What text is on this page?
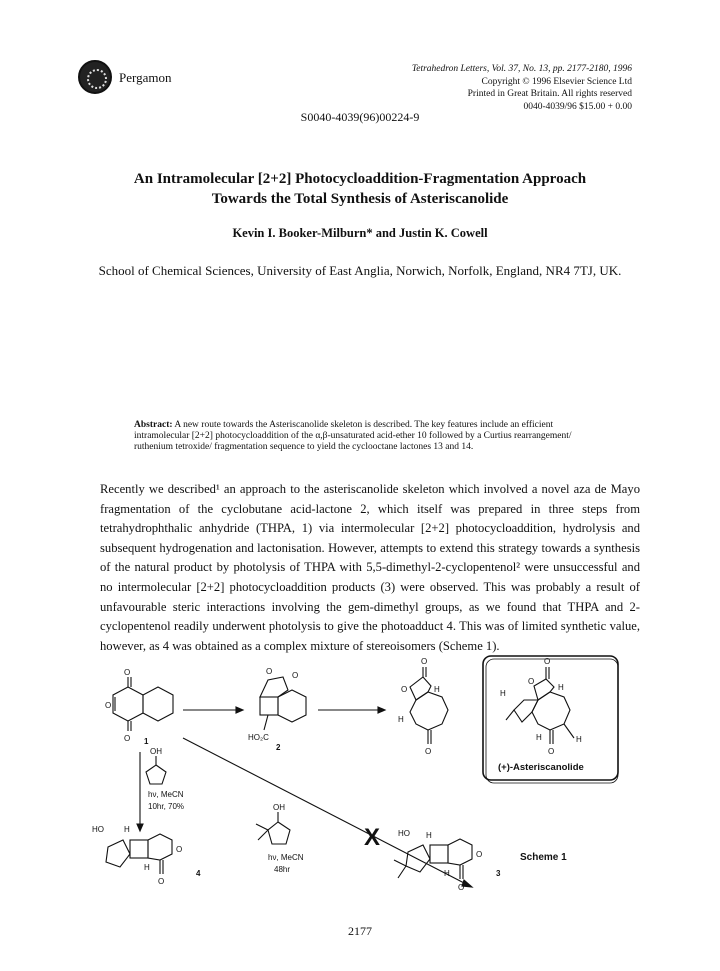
Pergamon
Tetrahedron Letters, Vol. 37, No. 13, pp. 2177-2180, 1996
Copyright © 1996 Elsevier Science Ltd
Printed in Great Britain. All rights reserved
0040-4039/96 $15.00 + 0.00
S0040-4039(96)00224-9
An Intramolecular [2+2] Photocycloaddition-Fragmentation Approach
Towards the Total Synthesis of Asteriscanolide
Kevin I. Booker-Milburn* and Justin K. Cowell
School of Chemical Sciences, University of East Anglia, Norwich, Norfolk, England, NR4 7TJ, UK.
Abstract: A new route towards the Asteriscanolide skeleton is described. The key features include an efficient intramolecular [2+2] photocycloaddition of the α,β-unsaturated acid-ether 10 followed by a Curtius rearrangement/ ruthenium tetroxide/ fragmentation sequence to yield the cyclooctane lactones 13 and 14.
Recently we described¹ an approach to the asteriscanolide skeleton which involved a novel aza de Mayo fragmentation of the cyclobutane acid-lactone 2, which itself was prepared in three steps from tetrahydrophthalic anhydride (THPA, 1) via intermolecular [2+2] photocycloaddition, hydrolysis and subsequent hydrogenation and lactonisation. However, attempts to extend this strategy towards a synthesis of the natural product by photolysis of THPA with 5,5-dimethyl-2-cyclopentenol² were unsuccessful and no intermolecular [2+2] photocycloaddition products (3) were observed. This was probably a result of unfavourable steric interactions involving the gem-dimethyl groups, as we found that THPA and 2-cyclopentenol readily underwent photolysis to give the photoadduct 4. This was of limited synthetic value, however, as 4 was obtained as a complex mixture of stereoisomers (Scheme 1).
O
O
O 1
O O
HO₂C
2
O
O	H
H
O
O
O
H
H
H	H
O
(+)-Asteriscanolide
OH
hν, MeCN
10hr, 70%
HO	H
O
H
O
4
X
OH
hν, MeCN
48hr
HO H
O
H
O
3
Scheme 1
2177
